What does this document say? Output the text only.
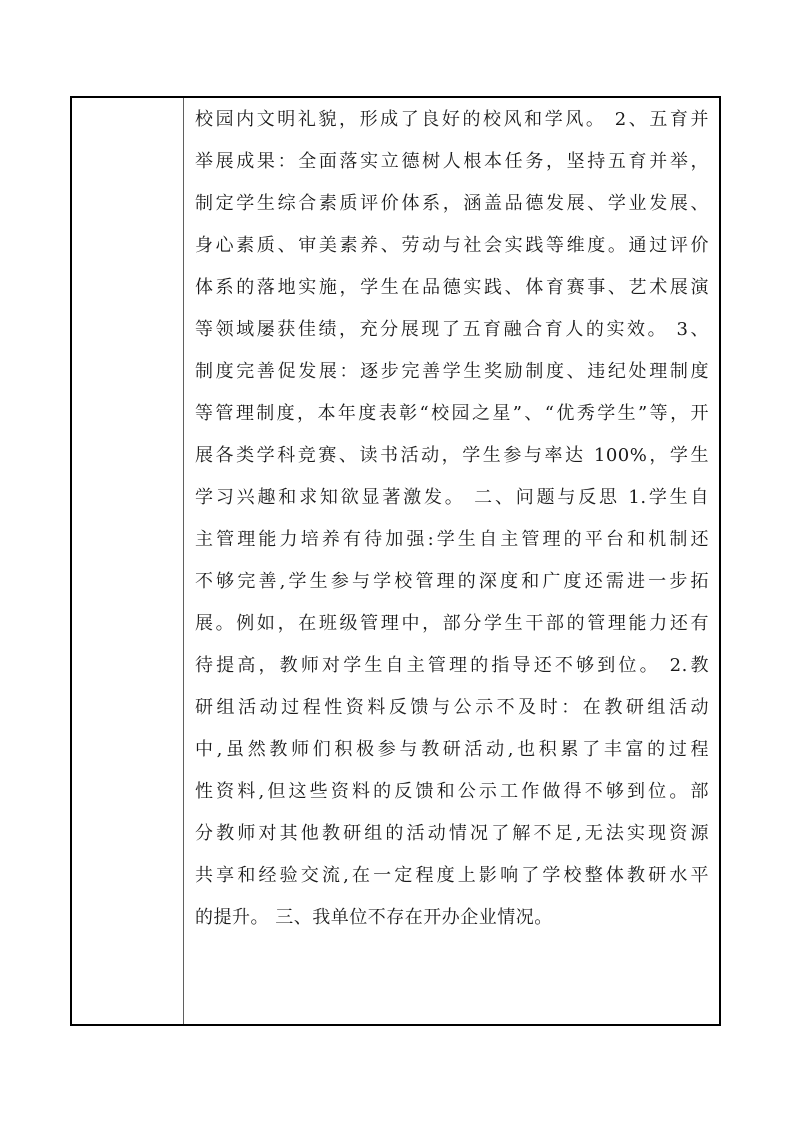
校园内文明礼貌，形成了良好的校风和学风。 2、五育并
举展成果：全面落实立德树人根本任务，坚持五育并举，
制定学生综合素质评价体系，涵盖品德发展、学业发展、
身心素质、审美素养、劳动与社会实践等维度。通过评价
体系的落地实施，学生在品德实践、体育赛事、艺术展演
等领域屡获佳绩，充分展现了五育融合育人的实效。 3、
制度完善促发展：逐步完善学生奖励制度、违纪处理制度
等管理制度，本年度表彰“校园之星”、“优秀学生”等，开
展各类学科竞赛、读书活动，学生参与率达 100%，学生
学习兴趣和求知欲显著激发。 二、问题与反思 1.学生自
主管理能力培养有待加强:学生自主管理的平台和机制还
不够完善,学生参与学校管理的深度和广度还需进一步拓
展。例如，在班级管理中，部分学生干部的管理能力还有
待提高，教师对学生自主管理的指导还不够到位。 2.教
研组活动过程性资料反馈与公示不及时：在教研组活动
中,虽然教师们积极参与教研活动,也积累了丰富的过程
性资料,但这些资料的反馈和公示工作做得不够到位。部
分教师对其他教研组的活动情况了解不足,无法实现资源
共享和经验交流,在一定程度上影响了学校整体教研水平
的提升。 三、我单位不存在开办企业情况。
